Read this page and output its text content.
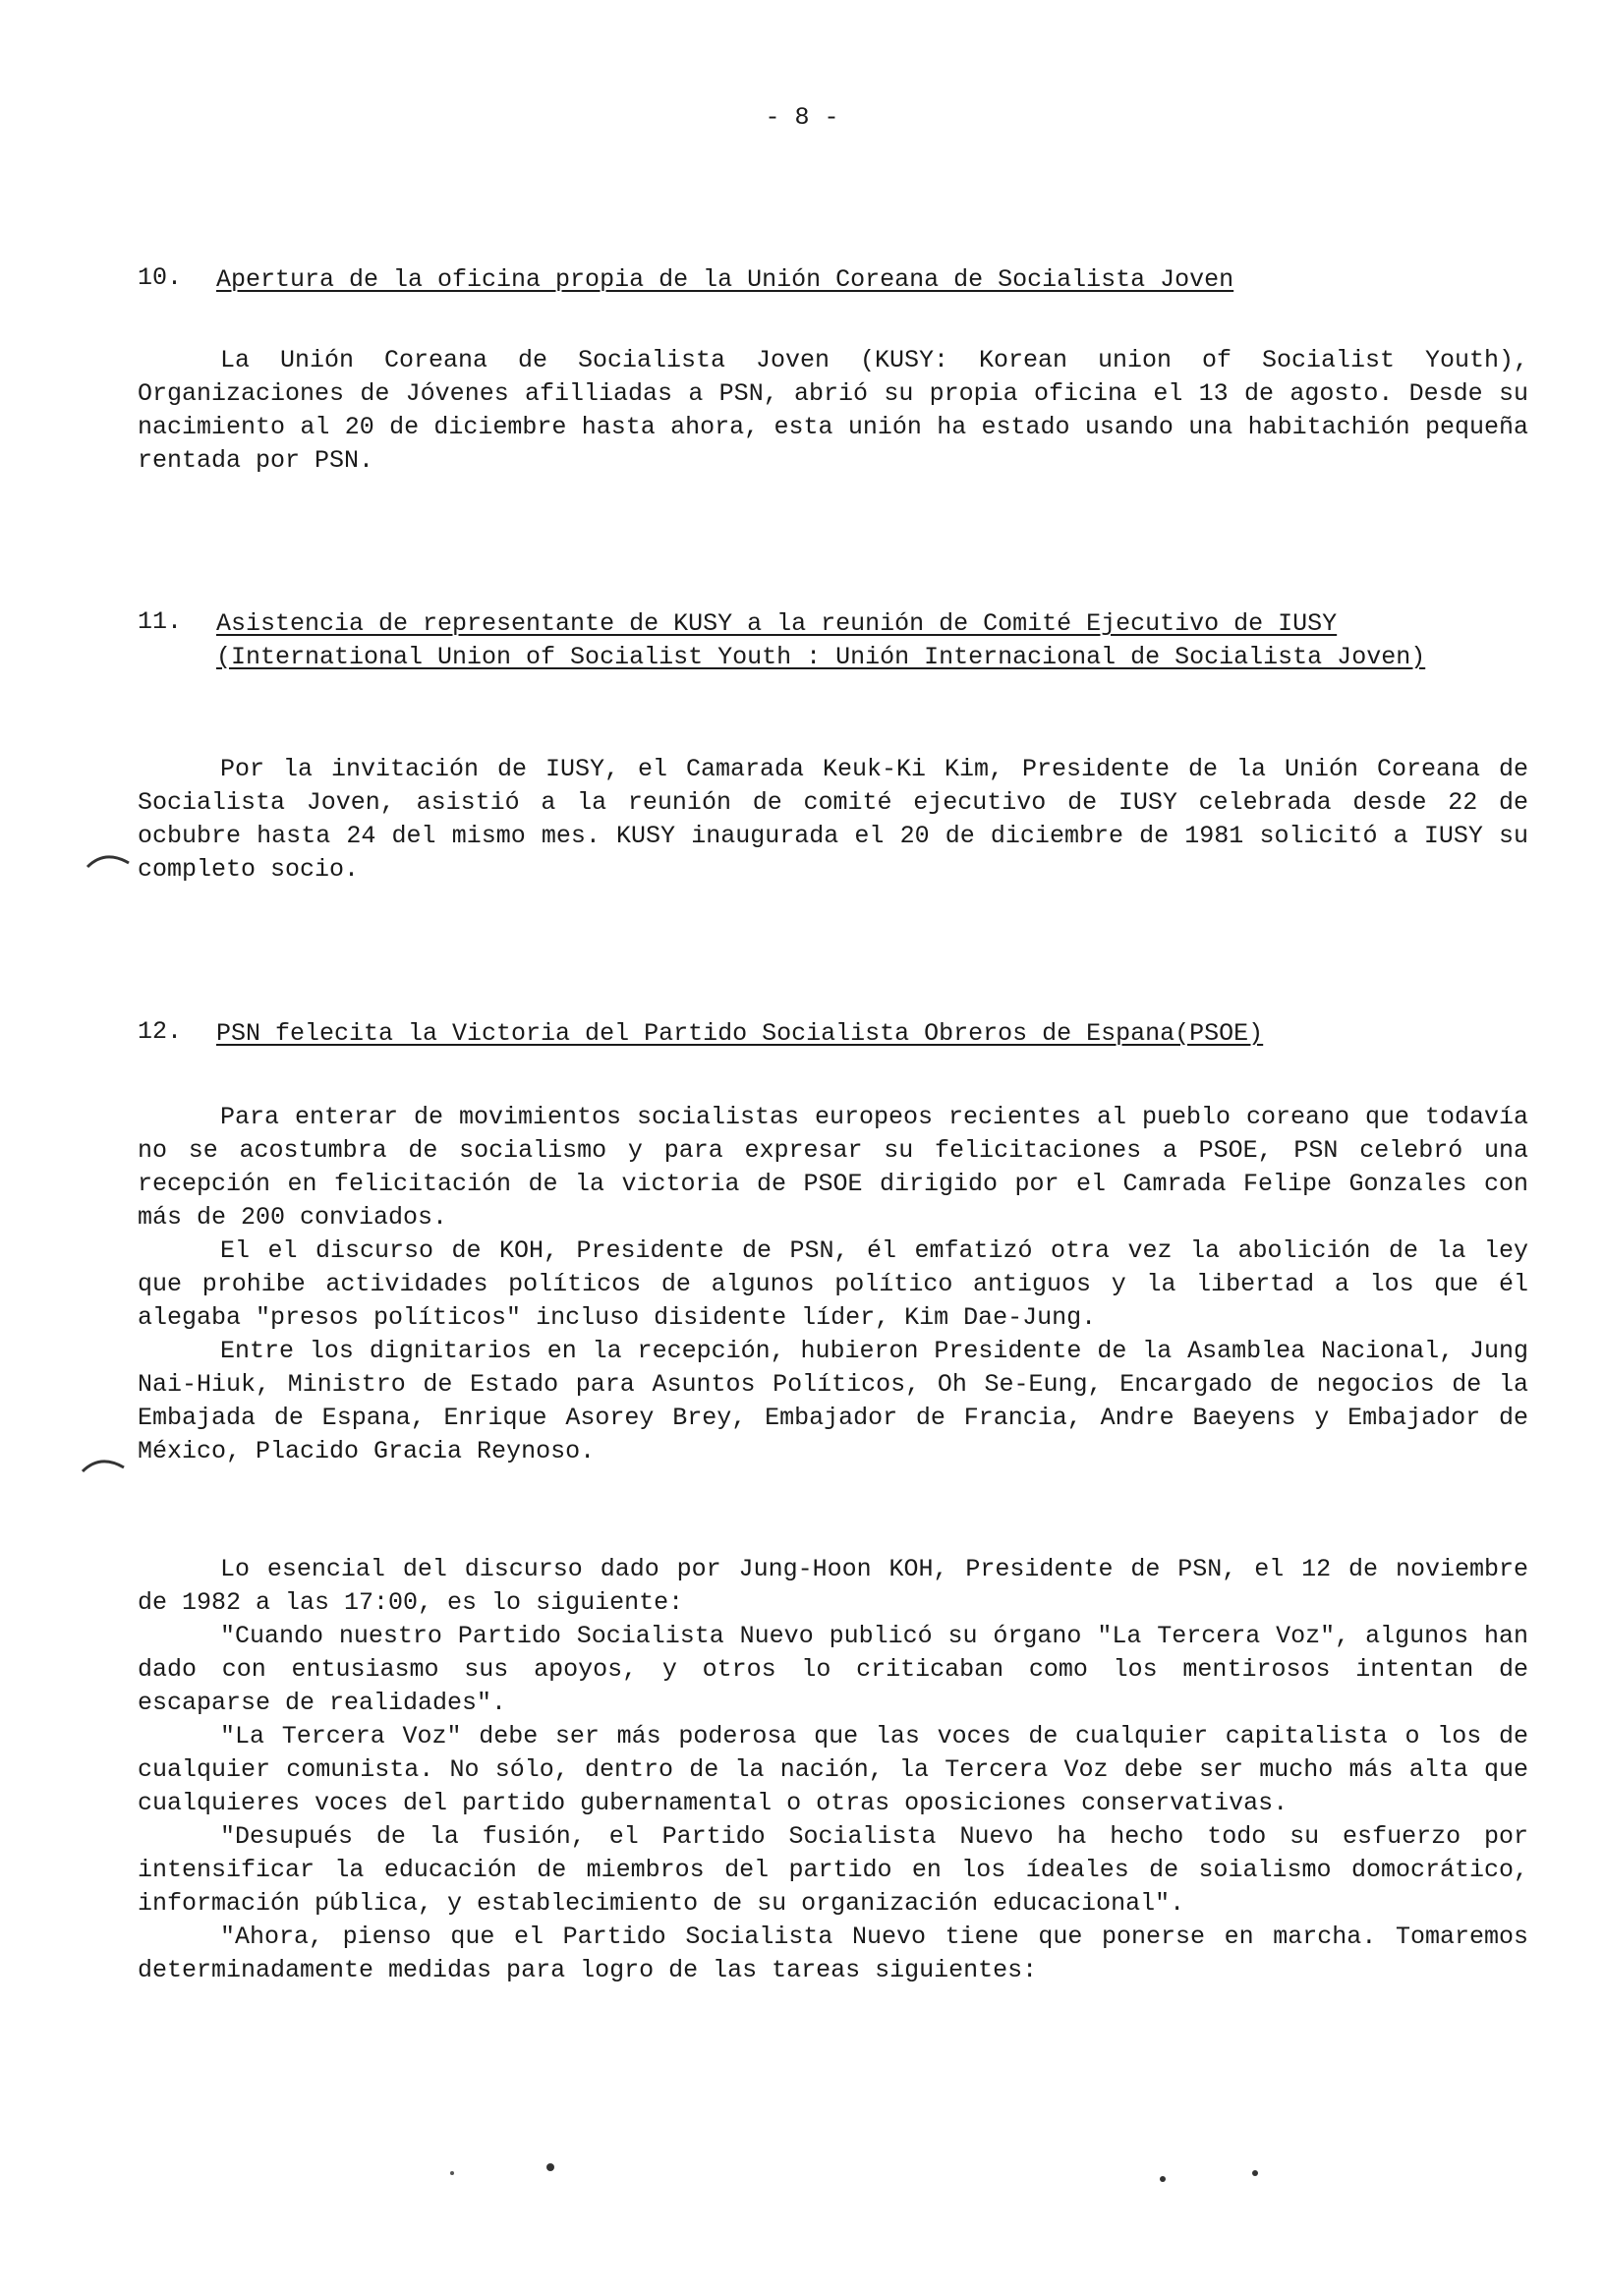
- 8 -
10.	Apertura de la oficina propia de la Unión Coreana de Socialista Joven

La Unión Coreana de Socialista Joven (KUSY: Korean union of Socialist Youth), Organizaciones de Jóvenes afilliadas a PSN, abrió su propia oficina el 13 de agosto. Desde su nacimiento al 20 de diciembre hasta ahora, esta unión ha estado usando una habitachión pequeña rentada por PSN.

11.	Asistencia de representante de KUSY a la reunión de Comité Ejecutivo de IUSY (International Union of Socialist Youth : Unión Internacional de Socialista Joven)

Por la invitación de IUSY, el Camarada Keuk-Ki Kim, Presidente de la Unión Coreana de Socialista Joven, asistió a la reunión de comité ejecutivo de IUSY celebrada desde 22 de ocbubre hasta 24 del mismo mes. KUSY inaugurada el 20 de diciembre de 1981 solicitó a IUSY su completo socio.

12.	PSN felecita la Victoria del Partido Socialista Obreros de Espana(PSOE)

Para enterar de movimientos socialistas europeos recientes al pueblo coreano que todavía no se acostumbra de socialismo y para expresar su felicitaciones a PSOE, PSN celebró una recepción en felicitación de la victoria de PSOE dirigido por el Camrada Felipe Gonzales con más de 200 conviados.

El el discurso de KOH, Presidente de PSN, él emfatizó otra vez la abolición de la ley que prohibe actividades políticos de algunos político antiguos y la libertad a los que él alegaba "presos políticos" incluso disidente líder, Kim Dae-Jung.

Entre los dignitarios en la recepción, hubieron Presidente de la Asamblea Nacional, Jung Nai-Hiuk, Ministro de Estado para Asuntos Políticos, Oh Se-Eung, Encargado de negocios de la Embajada de Espana, Enrique Asorey Brey, Embajador de Francia, Andre Baeyens y Embajador de México, Placido Gracia Reynoso.

Lo esencial del discurso dado por Jung-Hoon KOH, Presidente de PSN, el 12 de noviembre de 1982 a las 17:00, es lo siguiente:

"Cuando nuestro Partido Socialista Nuevo publicó su órgano "La Tercera Voz", algunos han dado con entusiasmo sus apoyos, y otros lo criticaban como los mentirosos intentan de escaparse de realidades".

"La Tercera Voz" debe ser más poderosa que las voces de cualquier capitalista o los de cualquier comunista. No sólo, dentro de la nación, la Tercera Voz debe ser mucho más alta que cualquieres voces del partido gubernamental o otras oposiciones conservativas.

"Desupués de la fusión, el Partido Socialista Nuevo ha hecho todo su esfuerzo por intensificar la educación de miembros del partido en los ídeales de soialismo domocrático, información pública, y establecimiento de su organización educacional".

"Ahora, pienso que el Partido Socialista Nuevo tiene que ponerse en marcha. Tomaremos determinadamente medidas para logro de las tareas siguientes:
